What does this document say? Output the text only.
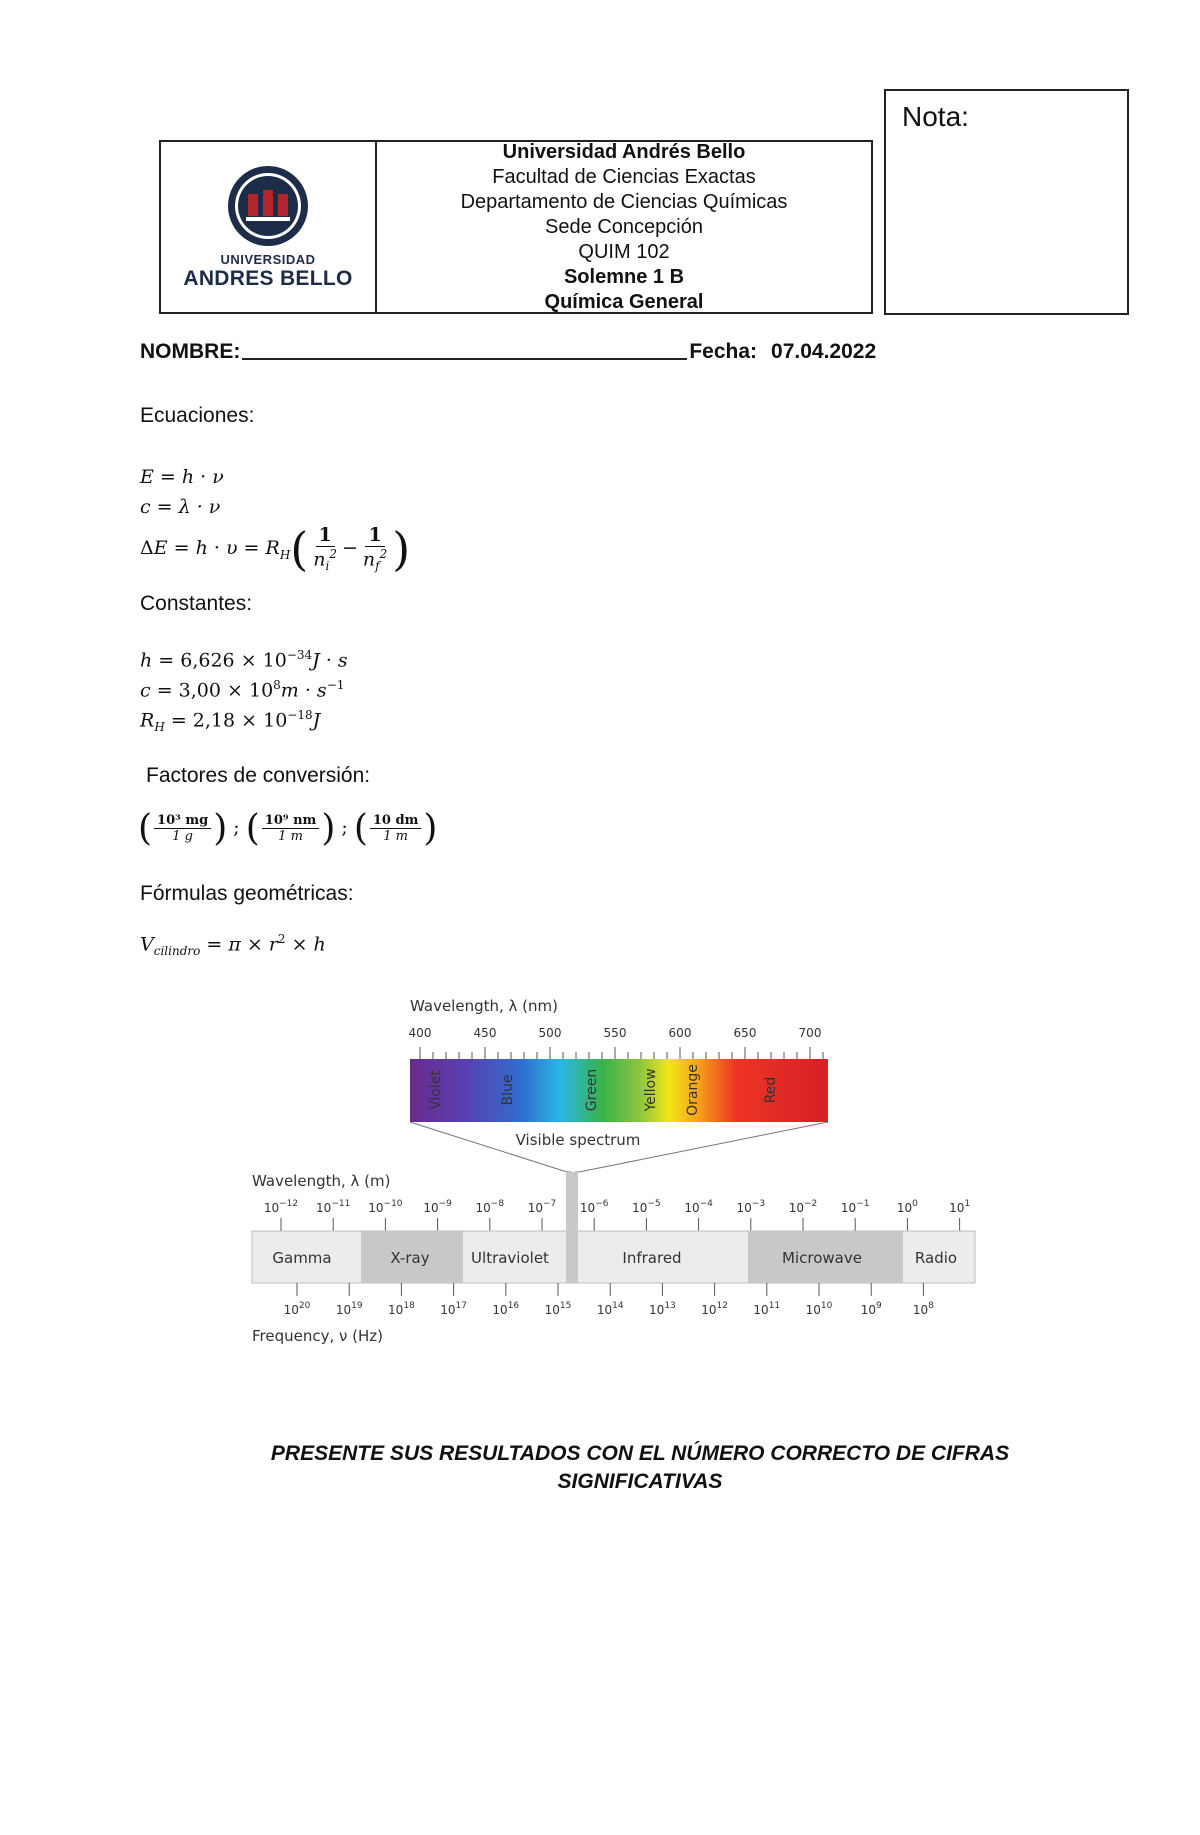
UNIVERSIDAD
ANDRES BELLO
Universidad Andrés Bello
Facultad de Ciencias Exactas
Departamento de Ciencias Químicas
Sede Concepción
QUIM 102
Solemne 1 B
Química General
Nota:
NOMBRE:	Fecha: 07.04.2022
Ecuaciones:
E = h · ν
c = λ · ν
$\Delta E = h \cdot \upsilon = R_H( \frac{1}{n_i^2} - \frac{1}{n_f^2}$ )
Constantes:
$h = 6,626 \times 10^{-34}J \cdot s$
$c = 3,00 \times 10^8m \cdot s^{-1}$
$R_H = 2,18 \times 10^{-18}J$
Factores de conversión:
( $\frac{\text{10³ mg}}{1 g}$ ) ; ( $\frac{\text{10⁹ nm}}{1 m}$ ) ; ( $\frac{10 dm}{1 m}$ )
Fórmulas geométricas:
$V_{cilindro} = \pi \times r^2 \times h$
Wavelength, λ (nm)
400	450	500	550	600	650	700
Violet	Blue	Green	Yellow Orange	Red
Visible spectrum
Wavelength, λ (m)
$10^{-12}$ $10^{-11}$ $10^{-10}$ $10^{-9}$ $10^{-8}$ $10^{-7}$ $10^{-6}$ $10^{-5}$ $10^{-4}$ $10^{-3}$ $10^{-2}$ $10^{-1}$ $10^0$	$10^1$
Gamma	X-ray	Ultraviolet	Infrared	Microwave	Radio
$10^{20}$ $10^{19}$ $10^{18}$ $10^{17}$ $10^{16}$ $10^{15}$ $10^{14}$ $10^{13}$ $10^{12}$ $10^{11}$ $10^{10}$ $10^9$	$10^8$
Frequency, ν (Hz)
PRESENTE SUS RESULTADOS CON EL NÚMERO CORRECTO DE CIFRAS
SIGNIFICATIVAS
